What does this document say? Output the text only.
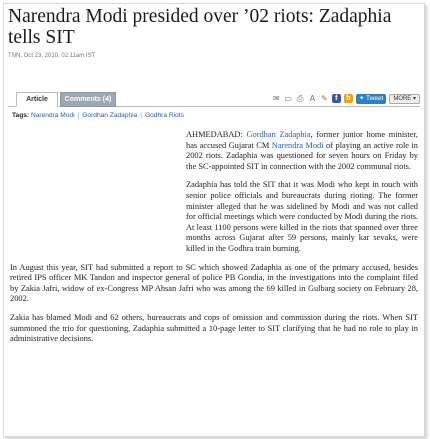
Narendra Modi presided over ’02 riots: Zadaphia tells SIT
TNN, Oct 23, 2010, 02.11am IST
Article	Comments (4)	✉ ▭ ⎙ A ✎	f	b	✦ Tweet	MORE ▾
Tags: Narendra Modi | Gordhan Zadaphia | Godhra Riots

AHMEDABAD: Gordhan Zadaphia, former junior home minister, has accused Gujarat CM Narendra Modi of playing an active role in 2002 riots. Zadaphia was questioned for seven hours on Friday by the SC-appointed SIT in connection with the 2002 communal riots.

Zadaphia has told the SIT that it was Modi who kept in touch with senior police officials and bureaucrats during rioting. The former minister alleged that he was sidelined by Modi and was not called for official meetings which were conducted by Modi during the riots. At least 1100 persons were killed in the riots that spanned over three months across Gujarat after 59 persons, mainly kar sevaks, were killed in the Godhra train burning.

In August this year, SIT had submitted a report to SC which showed Zadaphia as one of the primary accused, besides retired IPS officer MK Tandon and inspector general of police PB Gondia, in the investigations into the complaint filed by Zakia Jafri, widow of ex-Congress MP Ahsan Jafri who was among the 69 killed in Gulbarg society on February 28, 2002.

Zakia has blamed Modi and 62 others, bureaucrats and cops of omission and commission during the riots. When SIT summoned the trio for questioning, Zadaphia submitted a 10-page letter to SIT clarifying that he had no role to play in administrative decisions.
